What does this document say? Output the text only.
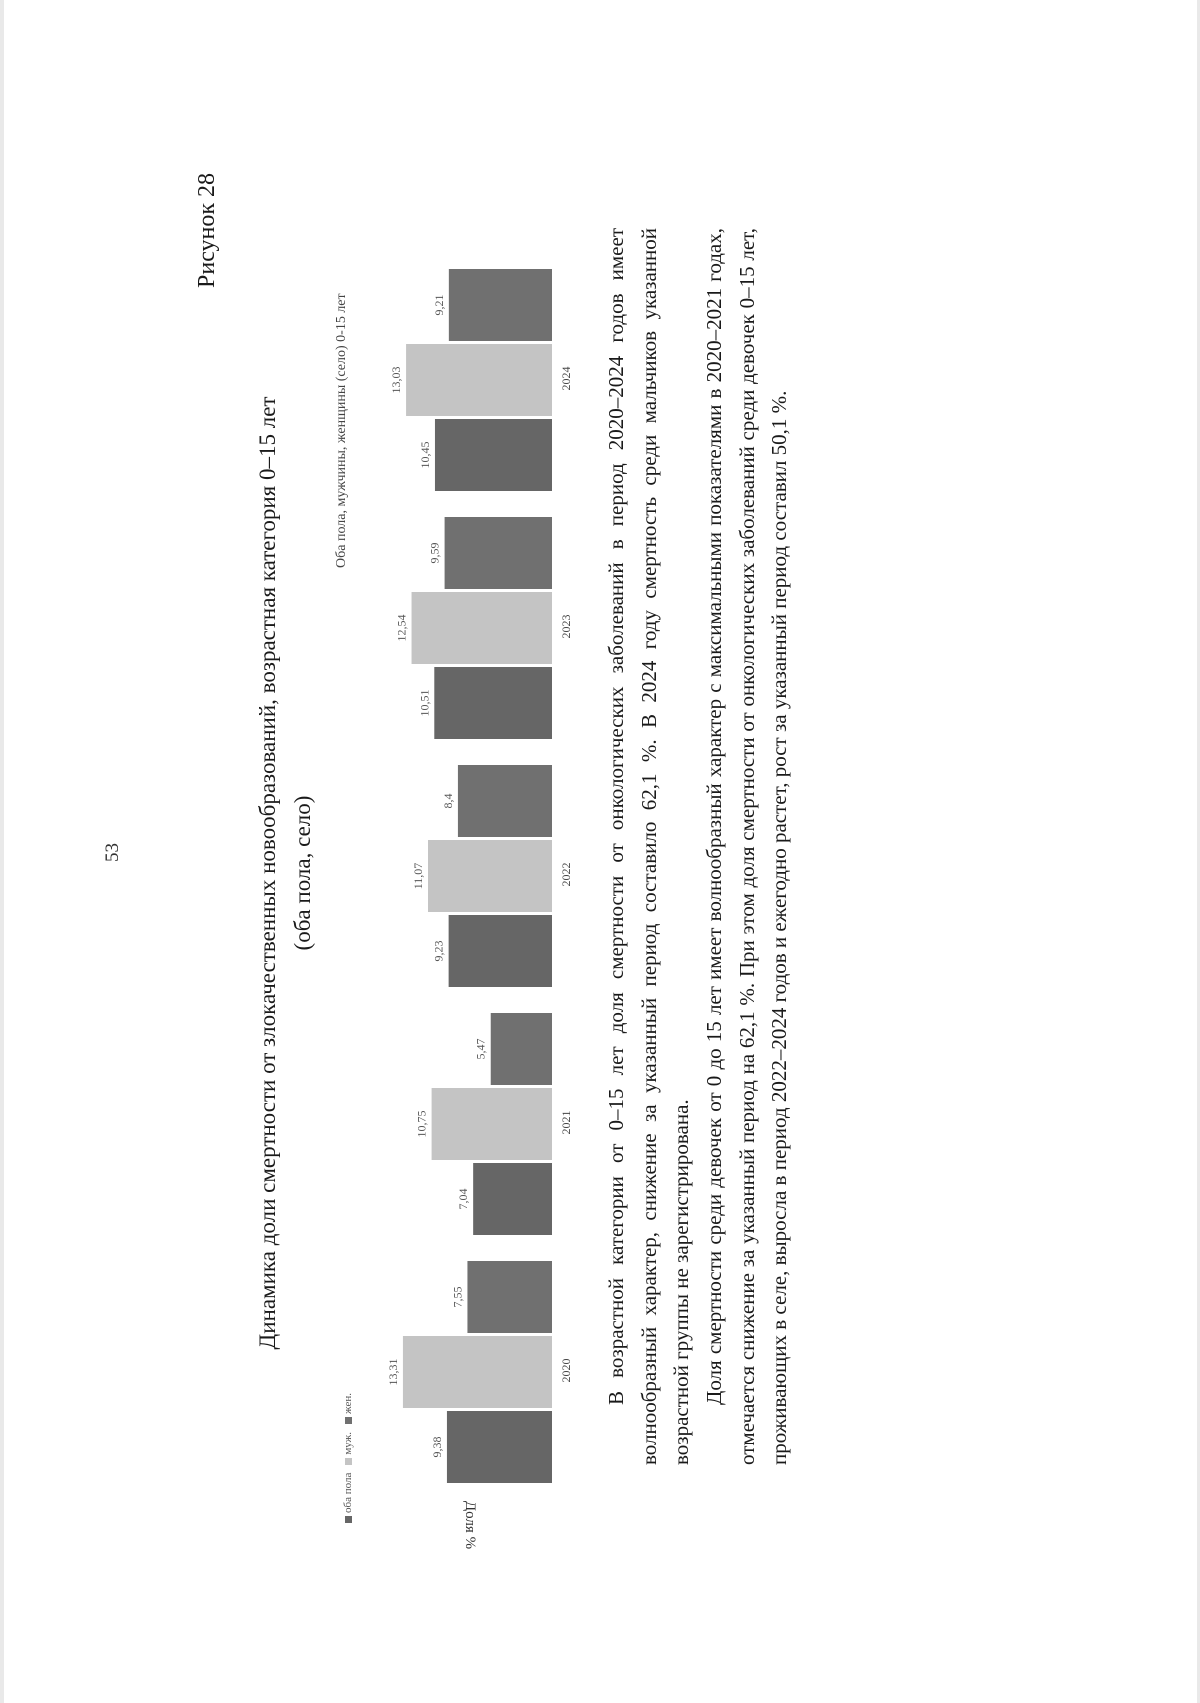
53
Рисунок 28
Динамика доли смертности от злокачественных новообразований, возрастная категория 0–15 лет (оба пола, село)
Оба пола, мужчины, женщины (село) 0-15 лет
оба пола
муж.
жен.
Доля %
9,38
13,31
7,55
2020
7,04
10,75
5,47
2021
9,23
11,07
8,4
2022
10,51
12,54
9,59
2023
10,45
13,03
9,21
2024 В возрастной категории от 0–15 лет доля смертности от онкологических заболеваний в период 2020–2024 годов имеет волнообразный характер, снижение за указанный период составило 62,1 %. В 2024 году смертность среди мальчиков указанной возрастной группы не зарегистрирована. Доля смертности среди девочек от 0 до 15 лет имеет волнообразный характер с максимальными показателями в 2020–2021 годах, отмечается снижение за указанный период на 62,1 %. При этом доля смертности от онкологических заболеваний среди девочек 0–15 лет, проживающих в селе, выросла в период 2022–2024 годов и ежегодно растет, рост за указанный период составил 50,1 %.
